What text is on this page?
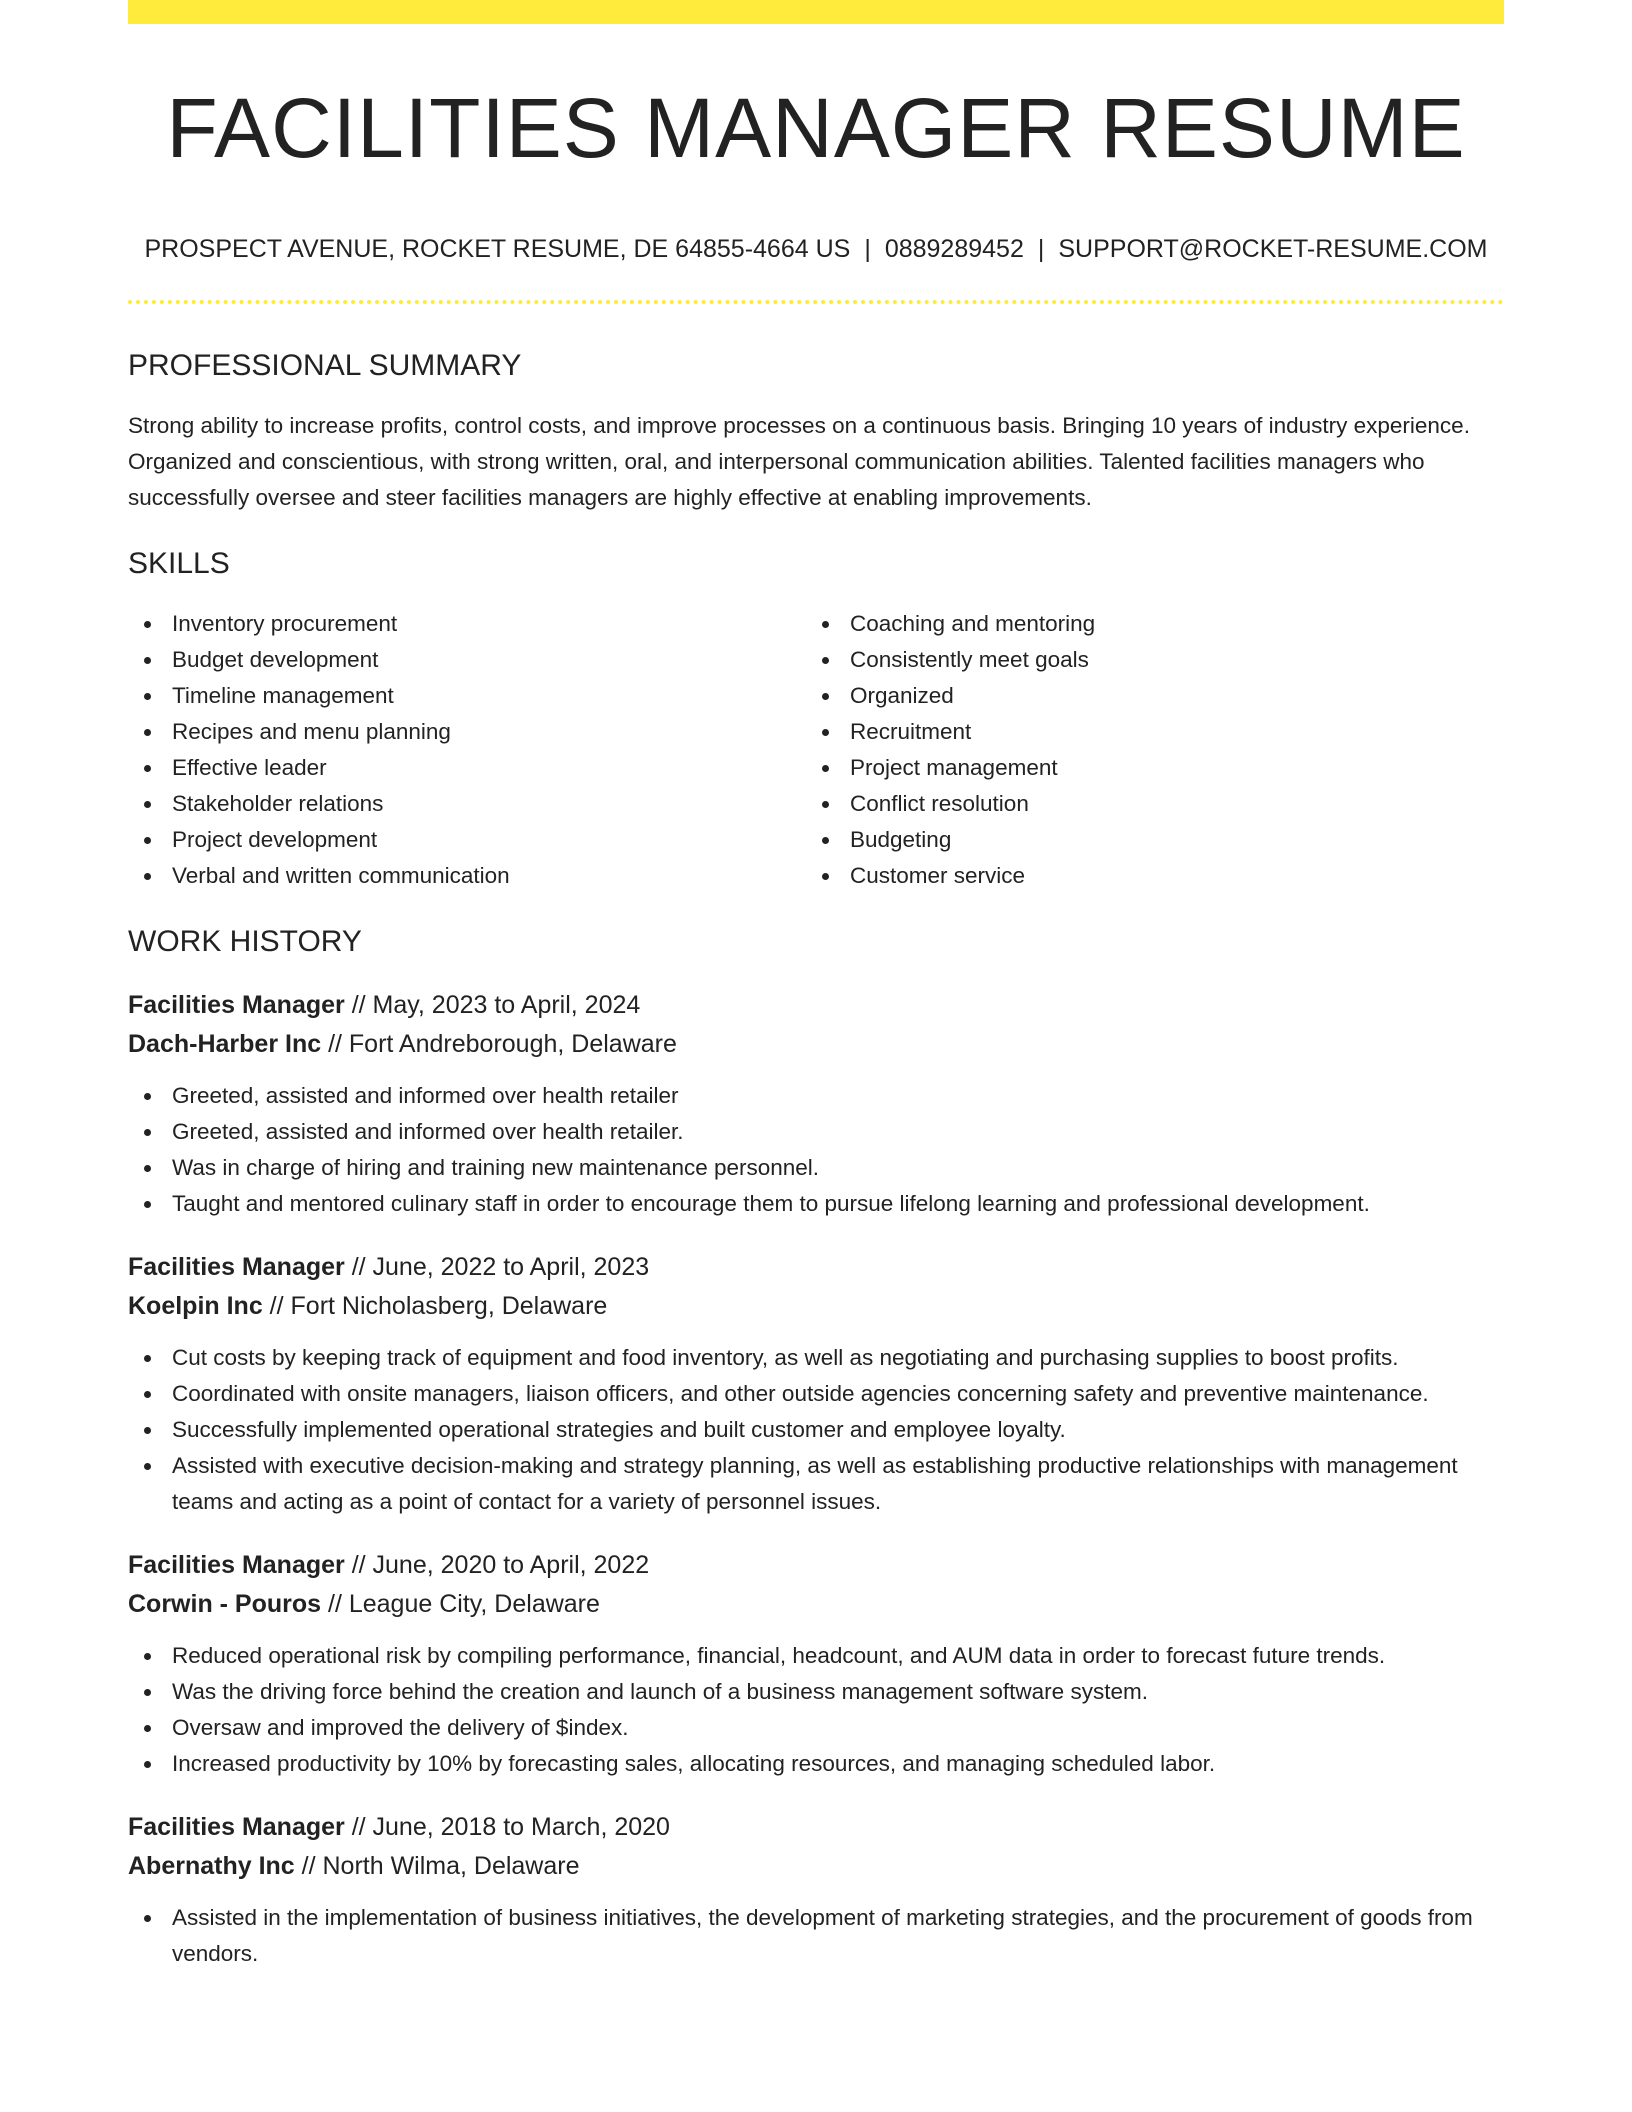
FACILITIES MANAGER RESUME
PROSPECT AVENUE, ROCKET RESUME, DE 64855-4664 US | 0889289452 | SUPPORT@ROCKET-RESUME.COM
PROFESSIONAL SUMMARY
Strong ability to increase profits, control costs, and improve processes on a continuous basis. Bringing 10 years of industry experience. Organized and conscientious, with strong written, oral, and interpersonal communication abilities. Talented facilities managers who successfully oversee and steer facilities managers are highly effective at enabling improvements.
SKILLS
Inventory procurement
Budget development
Timeline management
Recipes and menu planning
Effective leader
Stakeholder relations
Project development
Verbal and written communication
Coaching and mentoring
Consistently meet goals
Organized
Recruitment
Project management
Conflict resolution
Budgeting
Customer service
WORK HISTORY
Facilities Manager // May, 2023 to April, 2024
Dach-Harber Inc // Fort Andreborough, Delaware
Greeted, assisted and informed over health retailer
Greeted, assisted and informed over health retailer.
Was in charge of hiring and training new maintenance personnel.
Taught and mentored culinary staff in order to encourage them to pursue lifelong learning and professional development.
Facilities Manager // June, 2022 to April, 2023
Koelpin Inc // Fort Nicholasberg, Delaware
Cut costs by keeping track of equipment and food inventory, as well as negotiating and purchasing supplies to boost profits.
Coordinated with onsite managers, liaison officers, and other outside agencies concerning safety and preventive maintenance.
Successfully implemented operational strategies and built customer and employee loyalty.
Assisted with executive decision-making and strategy planning, as well as establishing productive relationships with management teams and acting as a point of contact for a variety of personnel issues.
Facilities Manager // June, 2020 to April, 2022
Corwin - Pouros // League City, Delaware
Reduced operational risk by compiling performance, financial, headcount, and AUM data in order to forecast future trends.
Was the driving force behind the creation and launch of a business management software system.
Oversaw and improved the delivery of $index.
Increased productivity by 10% by forecasting sales, allocating resources, and managing scheduled labor.
Facilities Manager // June, 2018 to March, 2020
Abernathy Inc // North Wilma, Delaware
Assisted in the implementation of business initiatives, the development of marketing strategies, and the procurement of goods from vendors.
